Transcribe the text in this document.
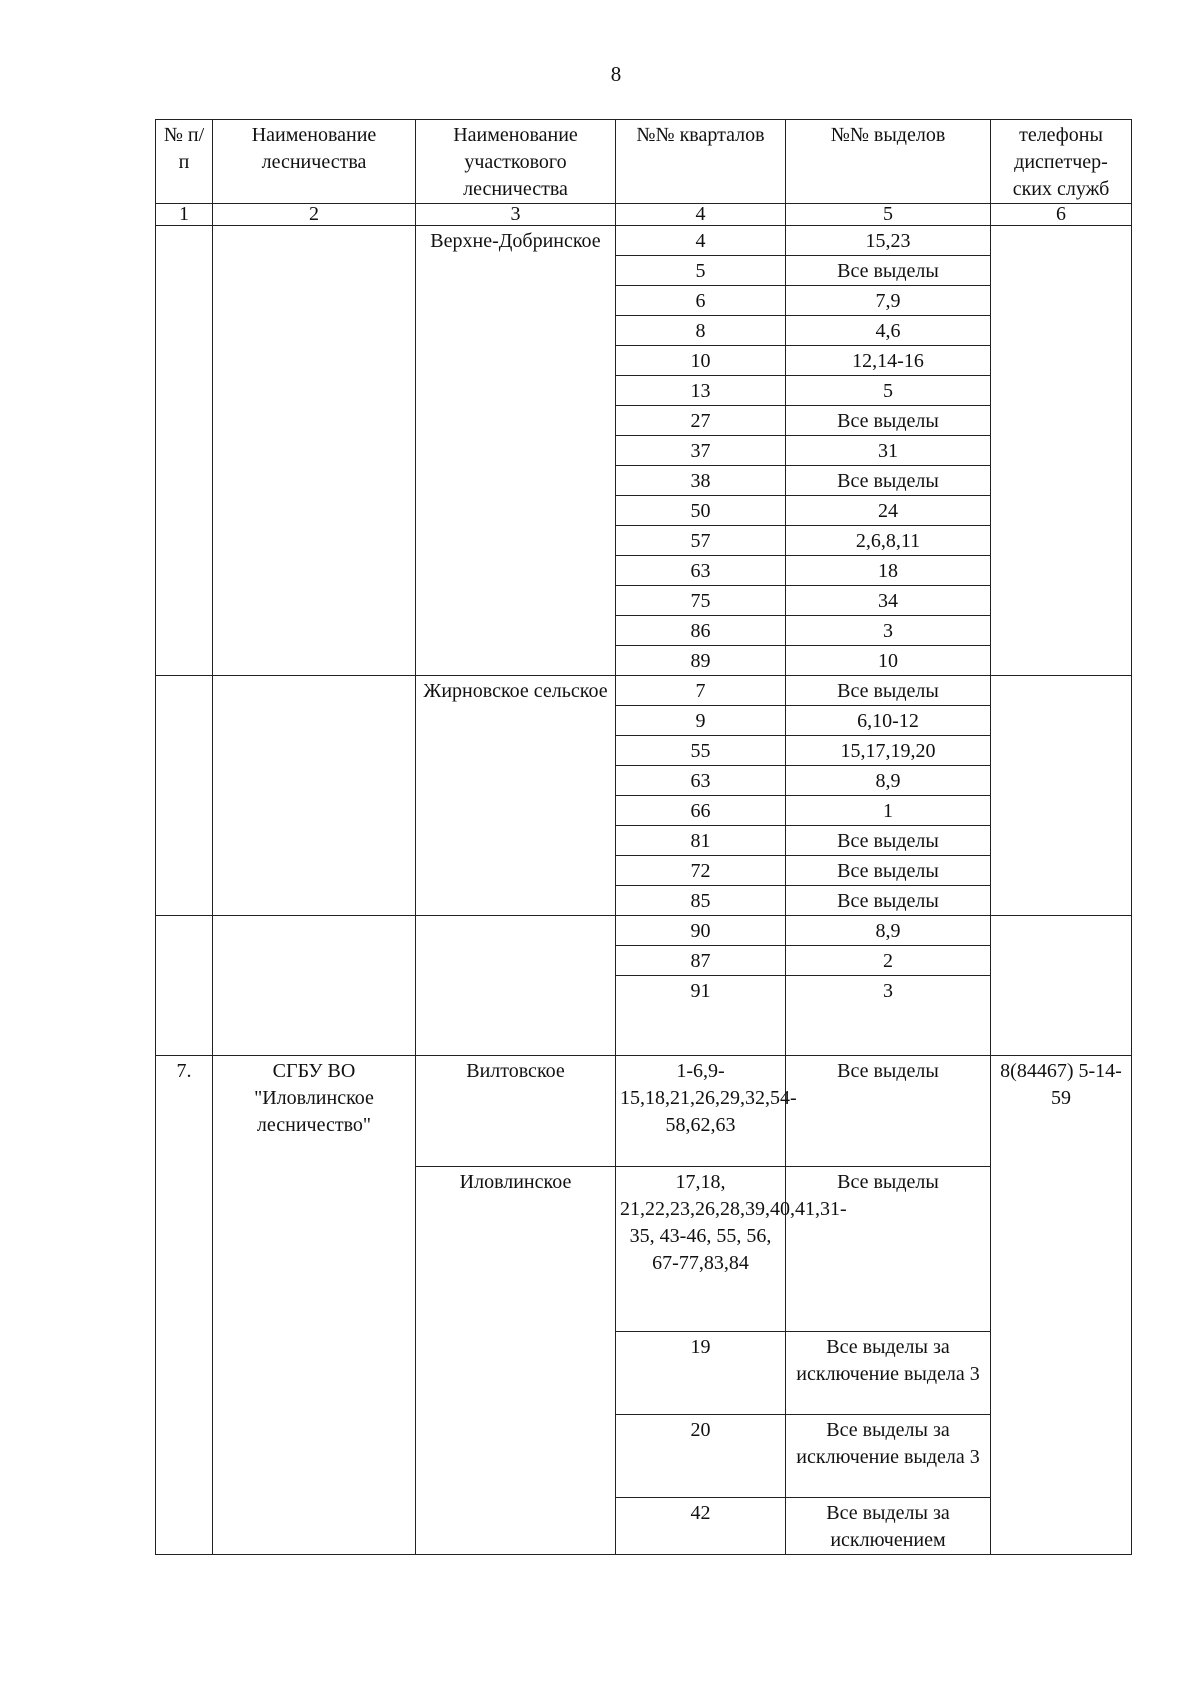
8
№ п/п	Наименование лесничества	Наименование участкового лесничества	№№ кварталов	№№ выделов	телефоны диспетчер-ских служб
1	2	3	4	5	6
		Верхне-Добринское	4	15,23	
			5	Все выделы	
			6	7,9	
			8	4,6	
			10	12,14-16	
			13	5	
			27	Все выделы	
			37	31	
			38	Все выделы	
			50	24	
			57	2,6,8,11	
			63	18	
			75	34	
			86	3	
			89	10	
		Жирновское сельское	7	Все выделы	
			9	6,10-12	
			55	15,17,19,20	
			63	8,9	
			66	1	
			81	Все выделы	
			72	Все выделы	
			85	Все выделы	
			90	8,9	
			87	2	
			91	3	
7.	СГБУ ВО "Иловлинское лесничество"	Вилтовское	1-6,9-15,18,21,26,29,32,54-58,62,63	Все выделы	8(84467) 5-14-59
		Иловлинское	17,18, 21,22,23,26,28,39,40,41,31-35, 43-46, 55, 56, 67-77,83,84	Все выделы	
			19	Все выделы за исключение выдела 3	
			20	Все выделы за исключение выдела 3	
			42	Все выделы за исключением	
